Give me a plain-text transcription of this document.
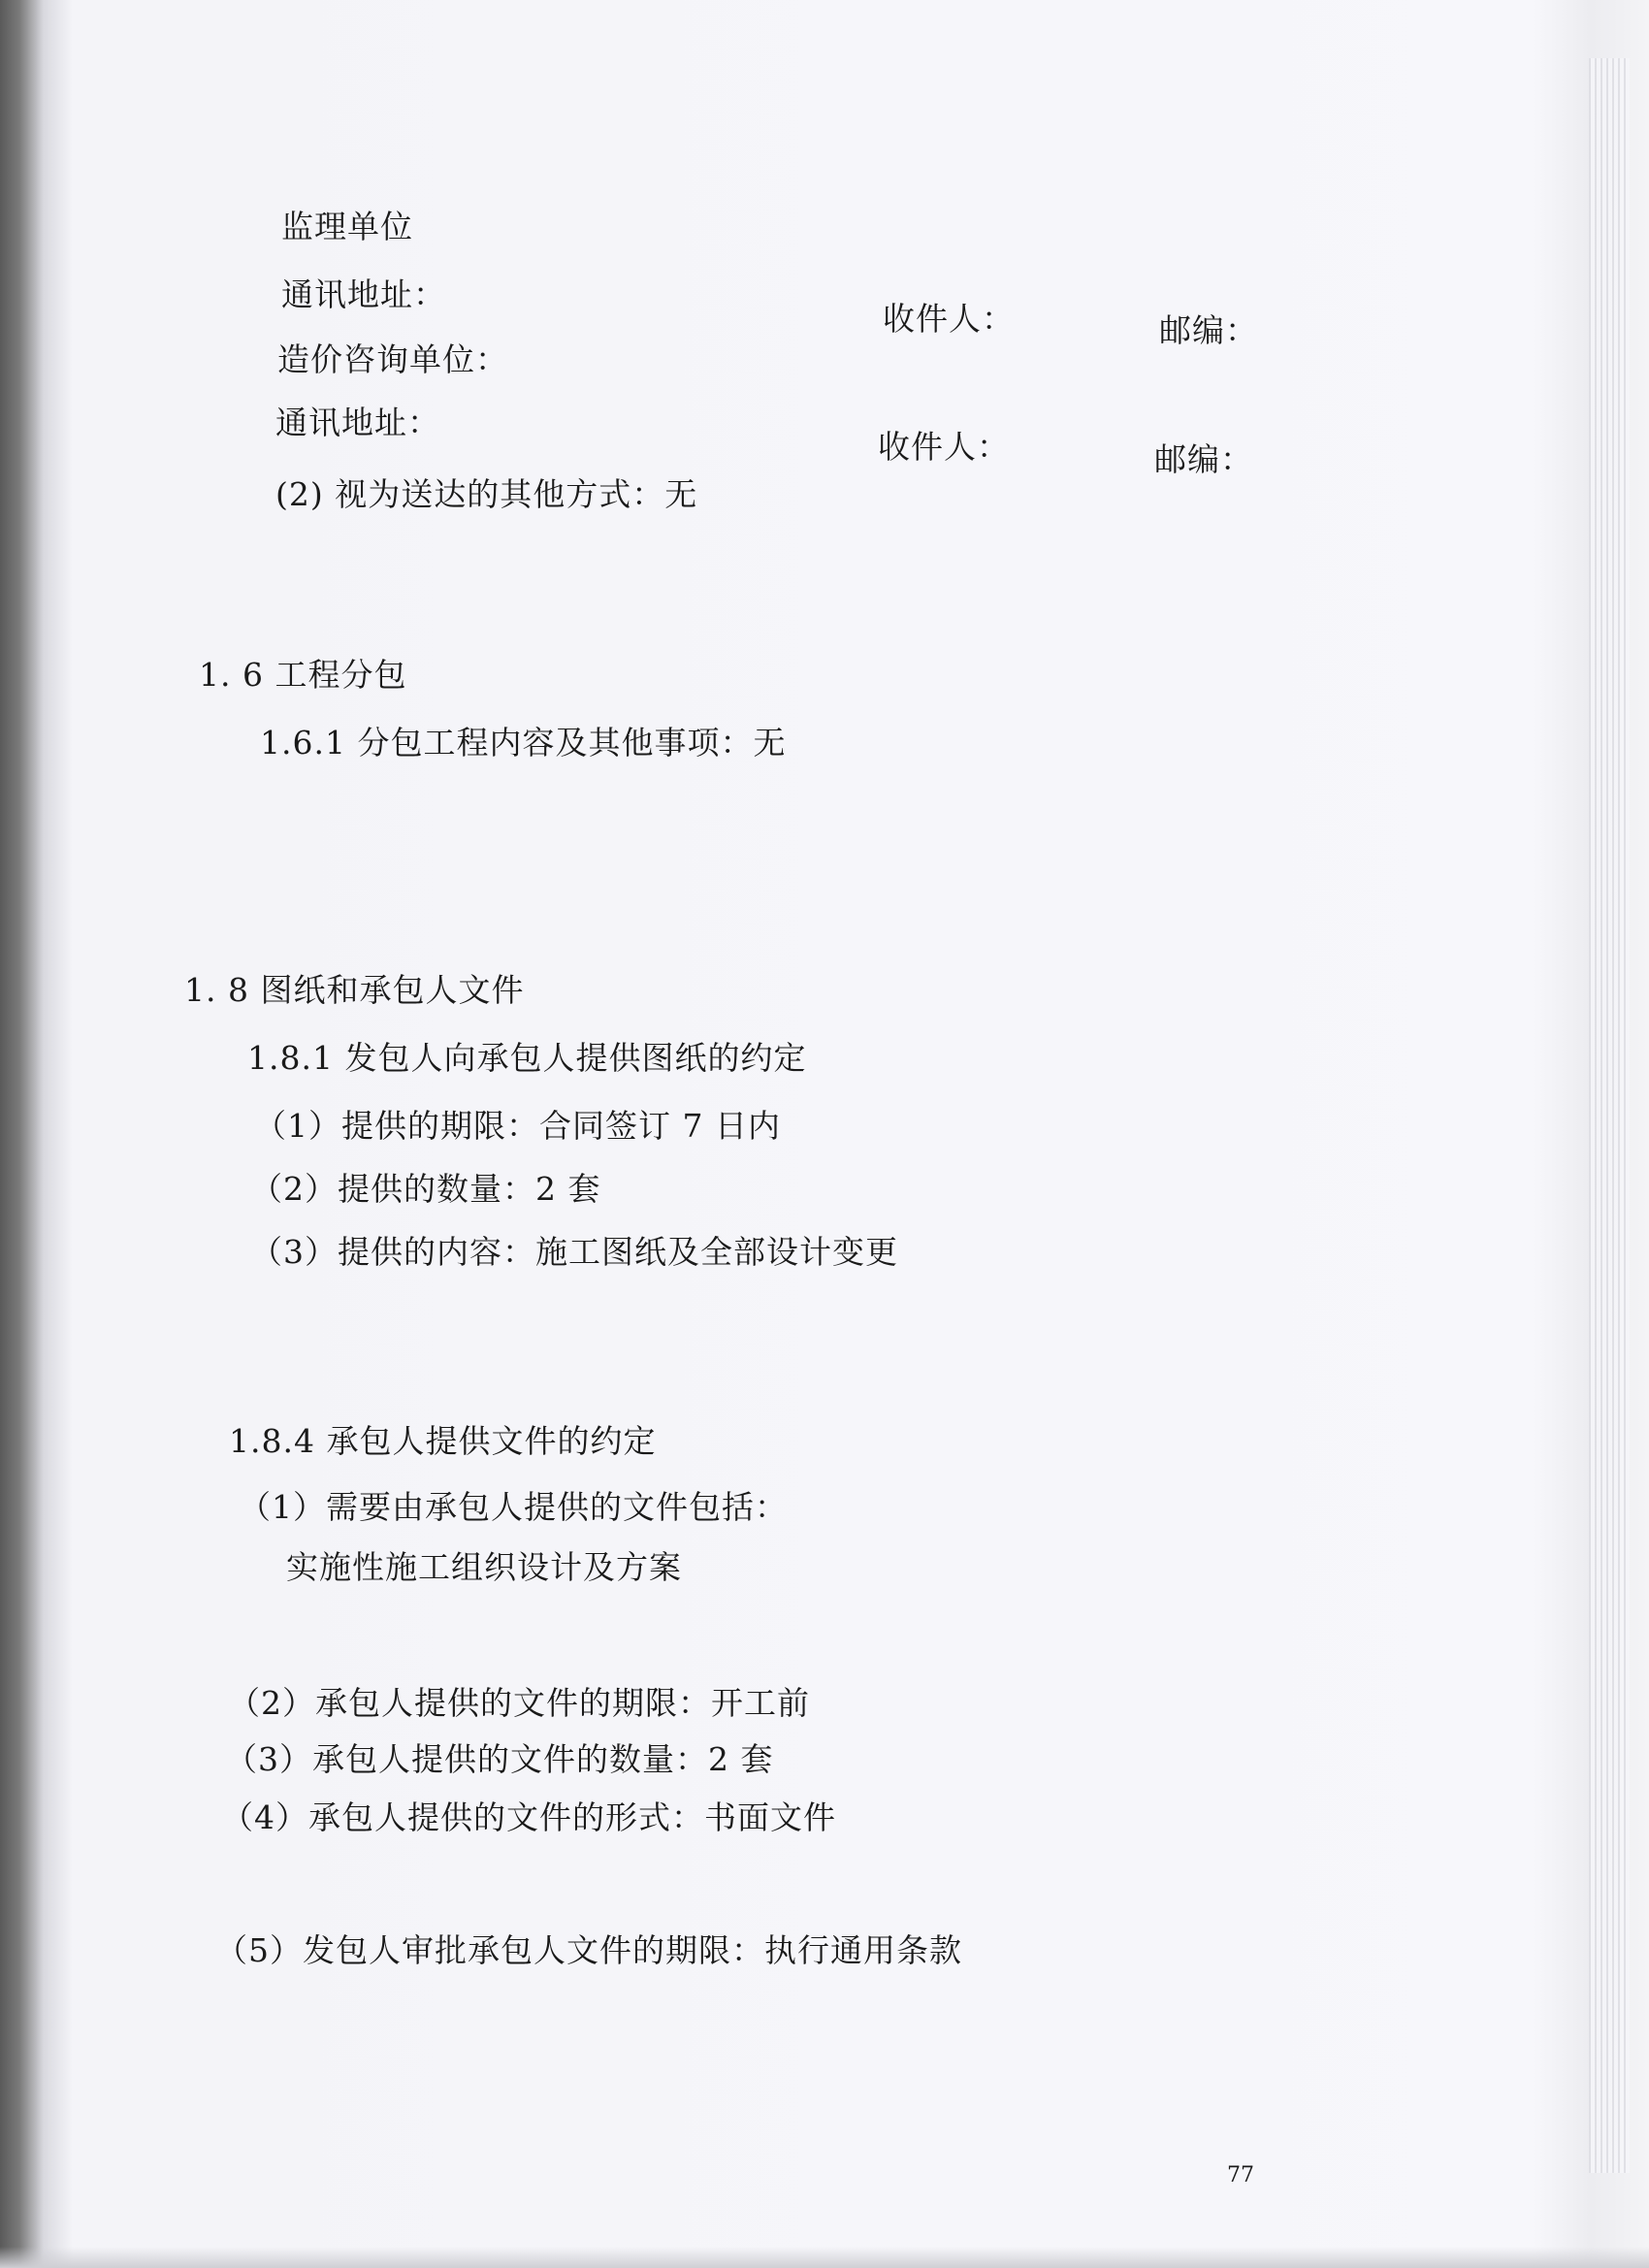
监理单位
通讯地址：
收件人：	邮编：
造价咨询单位：
通讯地址：
收件人：	邮编：
(2) 视为送达的其他方式：无
1. 6 工程分包
1.6.1 分包工程内容及其他事项：无
1. 8 图纸和承包人文件
1.8.1 发包人向承包人提供图纸的约定
（1）提供的期限：合同签订 7 日内
（2）提供的数量：2 套
（3）提供的内容：施工图纸及全部设计变更
1.8.4 承包人提供文件的约定
（1）需要由承包人提供的文件包括：
实施性施工组织设计及方案
（2）承包人提供的文件的期限：开工前
（3）承包人提供的文件的数量：2 套
（4）承包人提供的文件的形式：书面文件
（5）发包人审批承包人文件的期限：执行通用条款
77
